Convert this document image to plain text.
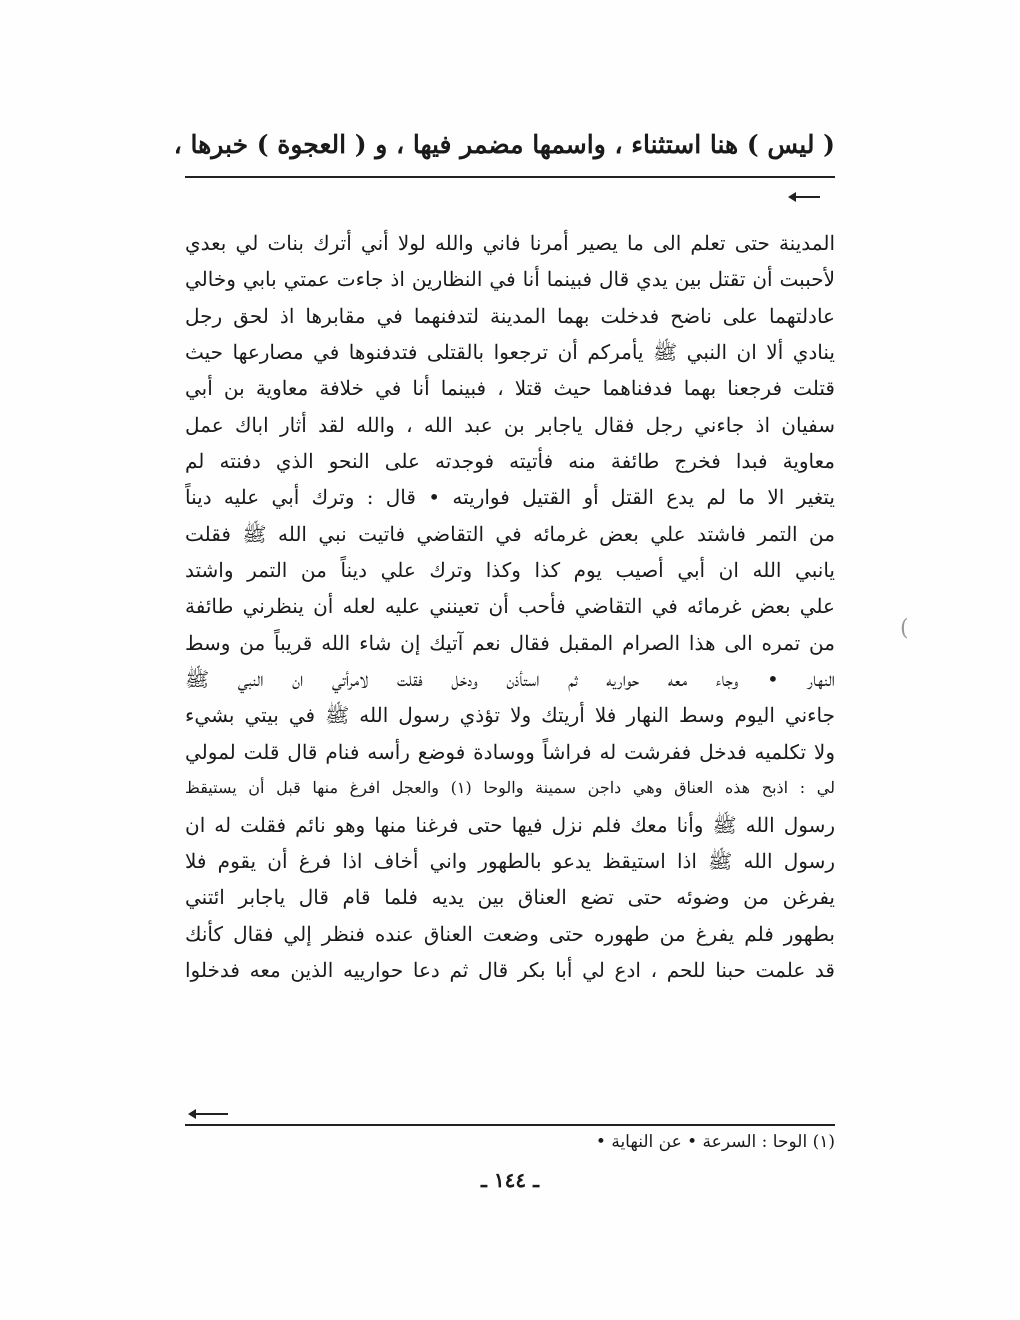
( ليس ) هنا استثناء ، واسمها مضمر فيها ، و ( العجوة ) خبرها ،
المدينة حتى تعلم الى ما يصير أمرنا فاني والله لولا أني أترك بنات لي بعدي
لأحببت أن تقتل بين يدي قال فبينما أنا في النظارين اذ جاءت عمتي بابي وخالي
عادلتهما على ناضح فدخلت بهما المدينة لتدفنهما في مقابرها اذ لحق رجل
ينادي ألا ان النبي ﷺ يأمركم أن ترجعوا بالقتلى فتدفنوها في مصارعها حيث
قتلت فرجعنا بهما فدفناهما حيث قتلا ، فبينما أنا في خلافة معاوية بن أبي
سفيان اذ جاءني رجل فقال ياجابر بن عبد الله ، والله لقد أثار اباك عمل
معاوية فبدا فخرج طائفة منه فأتيته فوجدته على النحو الذي دفنته لم
يتغير الا ما لم يدع القتل أو القتيل فواريته • قال : وترك أبي عليه ديناً
من التمر فاشتد علي بعض غرمائه في التقاضي فاتيت نبي الله ﷺ فقلت
يانبي الله ان أبي أصيب يوم كذا وكذا وترك علي ديناً من التمر واشتد
علي بعض غرمائه في التقاضي فأحب أن تعينني عليه لعله أن ينظرني طائفة
من تمره الى هذا الصرام المقبل فقال نعم آتيك إن شاء الله قريباً من وسط
النهار • وجاء معه حواريه ثم استأذن ودخل فقلت لامرأتي ان النبي ﷺ
جاءني اليوم وسط النهار فلا أريتك ولا تؤذي رسول الله ﷺ في بيتي بشيء
ولا تكلميه فدخل ففرشت له فراشاً ووسادة فوضع رأسه فنام قال قلت لمولي
لي : اذبح هذه العناق وهي داجن سمينة والوحا (١) والعجل افرغ منها قبل أن يستيقظ
رسول الله ﷺ وأنا معك فلم نزل فيها حتى فرغنا منها وهو نائم فقلت له ان
رسول الله ﷺ اذا استيقظ يدعو بالطهور واني أخاف اذا فرغ أن يقوم فلا
يفرغن من وضوئه حتى تضع العناق بين يديه فلما قام قال ياجابر ائتني
بطهور فلم يفرغ من طهوره حتى وضعت العناق عنده فنظر إلي فقال كأنك
قد علمت حبنا للحم ، ادع لي أبا بكر قال ثم دعا حوارييه الذين معه فدخلوا
(١) الوحا : السرعة • عن النهاية •
ـ ١٤٤ ـ
(
